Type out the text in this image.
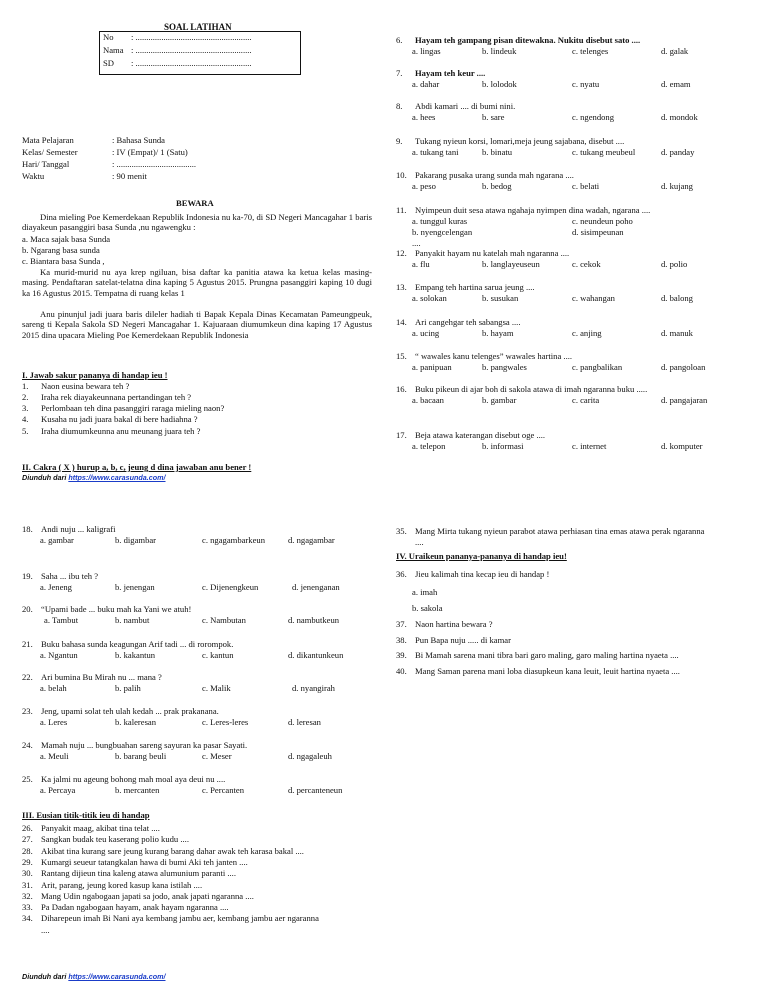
SOAL LATIHAN
No	: ......................................................
Nama : ......................................................
SD	: ......................................................
Mata Pelajaran	: Bahasa Sunda
Kelas/ Semester	: IV (Empat)/ 1 (Satu)
Hari/ Tanggal	: .....................................
Waktu	: 90 menit
BEWARA
Dina mieling Poe Kemerdekaan Republik Indonesia nu ka-70, di SD Negeri Mancagahar 1 baris diayakeun pasanggiri basa Sunda ,nu ngawengku :
a. Maca sajak basa Sunda
b. Ngarang basa sunda
c. Biantara basa Sunda ,
Ka murid-murid nu aya krep ngiluan, bisa daftar ka panitia atawa ka ketua kelas masing-masing. Pendaftaran satelat-telatna dina kaping 5 Agustus 2015. Prungna pasanggiri kaping 10 dugi ka 16 Agustus 2015. Tempatna di ruang kelas 1
Anu pinunjul jadi juara baris dileler hadiah ti Bapak Kepala Dinas Kecamatan Pameungpeuk, sareng ti Kepala Sakola SD Negeri Mancagahar 1. Kajuaraan diumumkeun dina kaping 17 Agustus 2015 dina upacara Mieling Poe Kemerdekaan Republik Indonesia
I. Jawab sakur pananya di handap ieu !
1. Naon eusina bewara teh ?
2. Iraha rek diayakeunnana pertandingan teh ?
3. Perlombaan teh dina pasanggiri raraga mieling naon?
4. Kusaha nu jadi juara bakal di bere hadiahna ?
5. Iraha diumumkeunna anu meunang juara teh ?
II. Cakra ( X ) hurup a, b, c, jeung d dina jawaban anu bener !
Diunduh dari https://www.carasunda.com/
6. Hayam teh gampang pisan ditewakna. Nukitu disebut sato ....
a. lingas	b. lindeuk	c. telenges	d. galak
7. Hayam teh keur ....
a. dahar	b. lolodok	c. nyatu	d. emam
8. Abdi kamari .... di bumi nini.
a. hees	b. sare	c. ngendong	d. mondok
9. Tukang nyieun korsi, lomari,meja jeung sajabana, disebut ....
a. tukang tani	b. binatu	c. tukang meubeul	d. panday
10. Pakarang pusaka urang sunda mah ngarana ....
a. peso	b. bedog	c. belati	d. kujang
11. Nyimpeun duit sesa atawa ngahaja nyimpen dina wadah, ngarana ....
a. tunggul kuras	c. neundeun poho
b. nyengcelengan	d. sisimpeunan
12. Panyakit hayam nu katelah mah ngaranna ....
a. flu	b. langlayeuseun	c. cekok	d. polio
13. Empang teh hartina sarua jeung ....
a. solokan	b. susukan	c. wahangan	d. balong
14. Ari cangehgar teh sabangsa ....
a. ucing	b. hayam	c. anjing	d. manuk
15. “ wawales kanu telenges” wawales hartina ....
a. panipuan	b. pangwales	c. pangbalikan	d. pangoloan
16. Buku pikeun di ajar boh di sakola atawa di imah ngaranna buku .....
a. bacaan	b. gambar	c. carita	d. pangajaran
17. Beja atawa katerangan disebut oge ....
a. telepon	b. informasi	c. internet	d. komputer
18. Andi nuju ... kaligrafi
a. gambar	b. digambar	c. ngagambarkeun	d. ngagambar
19. Saha ... ibu teh ?
a. Jeneng	b. jenengan	c. Dijenengkeun	d. jenenganan
20. “Upami bade ... buku mah ka Yani we atuh!
a. Tambut	b. nambut	c. Nambutan	d. nambutkeun
21. Buku bahasa sunda keagungan Arif tadi ... di rorompok.
a. Ngantun	b. kakantun	c. kantun	d. dikantunkeun
22. Ari bumina Bu Mirah nu ... mana ?
a. belah	b. palih	c. Malik	d. nyangirah
23. Jeng, upami solat teh ulah kedah ... prak prakanana.
a. Leres	b. kaleresan	c. Leres-leres	d. leresan
24. Mamah nuju ... bungbuahan sareng sayuran ka pasar Sayati.
a. Meuli	b. barang beuli	c. Meser	d. ngagaleuh
25. Ka jalmi nu ageung bohong mah moal aya deui nu ....
a. Percaya	b. mercanten	c. Percanten	d. percanteneun
III. Eusian titik-titik ieu di handap
26. Panyakit maag, akibat tina telat ....
27. Sangkan budak teu kaserang polio kudu ....
28. Akibat tina kurang sare jeung kurang barang dahar awak teh karasa bakal ....
29. Kumargi seueur tatangkalan hawa di bumi Aki teh janten ....
30. Rantang dijieun tina kaleng atawa alumunium paranti ....
31. Arit, parang, jeung kored kasup kana istilah ....
32. Mang Udin ngabogaan japati sa jodo, anak japati ngaranna ....
33. Pa Dadan ngabogaan hayam, anak hayam ngaranna ....
34. Diharepeun imah Bi Nani aya kembang jambu aer, kembang jambu aer ngaranna
....
Diunduh dari https://www.carasunda.com/
35. Mang Mirta tukang nyieun parabot atawa perhiasan tina emas atawa perak ngaranna
....
IV. Uraikeun pananya-pananya di handap ieu!
36. Jieu kalimah tina kecap ieu di handap !
a. imah
b. sakola
37. Naon hartina bewara ?
38. Pun Bapa nuju ..... di kamar
39. Bi Mamah sarena mani tibra bari garo maling, garo maling hartina nyaeta ....
40. Mang Saman parena mani loba diasupkeun kana leuit, leuit hartina nyaeta ....
....
